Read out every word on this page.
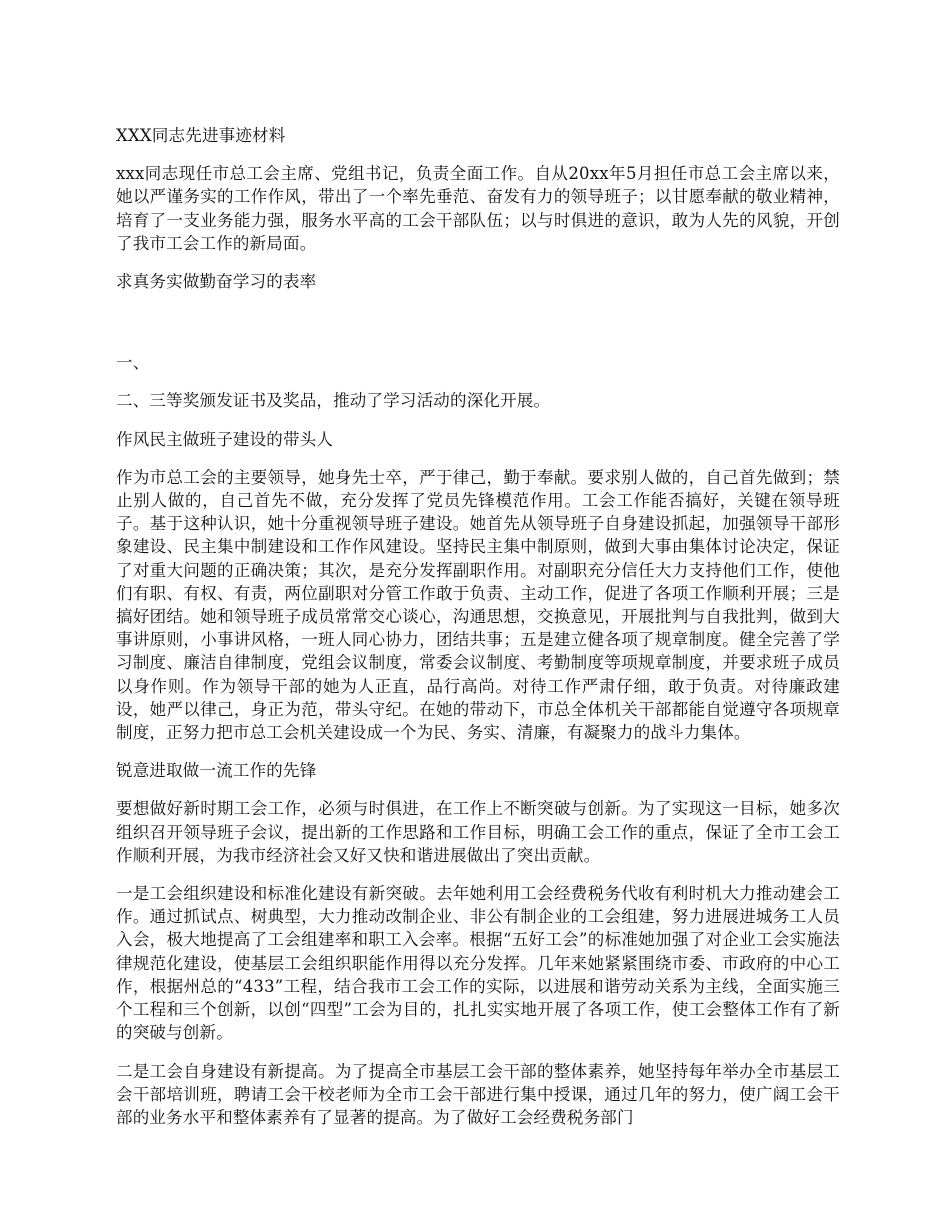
XXX同志先进事迹材料

xxx同志现任市总工会主席、党组书记，负责全面工作。自从20xx年5月担任市总工会主席以来，她以严谨务实的工作作风，带出了一个率先垂范、奋发有力的领导班子；以甘愿奉献的敬业精神，培育了一支业务能力强，服务水平高的工会干部队伍；以与时俱进的意识，敢为人先的风貌，开创了我市工会工作的新局面。

求真务实做勤奋学习的表率

一、

二、三等奖颁发证书及奖品，推动了学习活动的深化开展。

作风民主做班子建设的带头人

作为市总工会的主要领导，她身先士卒，严于律己，勤于奉献。要求别人做的，自己首先做到；禁止别人做的，自己首先不做，充分发挥了党员先锋模范作用。工会工作能否搞好，关键在领导班子。基于这种认识，她十分重视领导班子建设。她首先从领导班子自身建设抓起，加强领导干部形象建设、民主集中制建设和工作作风建设。坚持民主集中制原则，做到大事由集体讨论决定，保证了对重大问题的正确决策；其次，是充分发挥副职作用。对副职充分信任大力支持他们工作，使他们有职、有权、有责，两位副职对分管工作敢于负责、主动工作，促进了各项工作顺利开展；三是搞好团结。她和领导班子成员常常交心谈心，沟通思想，交换意见，开展批判与自我批判，做到大事讲原则，小事讲风格，一班人同心协力，团结共事；五是建立健各项了规章制度。健全完善了学习制度、廉洁自律制度，党组会议制度，常委会议制度、考勤制度等项规章制度，并要求班子成员以身作则。作为领导干部的她为人正直，品行高尚。对待工作严肃仔细，敢于负责。对待廉政建设，她严以律己，身正为范，带头守纪。在她的带动下，市总全体机关干部都能自觉遵守各项规章制度，正努力把市总工会机关建设成一个为民、务实、清廉，有凝聚力的战斗力集体。

锐意进取做一流工作的先锋

要想做好新时期工会工作，必须与时俱进，在工作上不断突破与创新。为了实现这一目标，她多次组织召开领导班子会议，提出新的工作思路和工作目标，明确工会工作的重点，保证了全市工会工作顺利开展，为我市经济社会又好又快和谐进展做出了突出贡献。

一是工会组织建设和标准化建设有新突破。去年她利用工会经费税务代收有利时机大力推动建会工作。通过抓试点、树典型，大力推动改制企业、非公有制企业的工会组建，努力进展进城务工人员入会，极大地提高了工会组建率和职工入会率。根据“五好工会”的标准她加强了对企业工会实施法律规范化建设，使基层工会组织职能作用得以充分发挥。几年来她紧紧围绕市委、市政府的中心工作，根据州总的“433”工程，结合我市工会工作的实际，以进展和谐劳动关系为主线，全面实施三个工程和三个创新，以创“四型”工会为目的，扎扎实实地开展了各项工作，使工会整体工作有了新的突破与创新。

二是工会自身建设有新提高。为了提高全市基层工会干部的整体素养，她坚持每年举办全市基层工会干部培训班，聘请工会干校老师为全市工会干部进行集中授课，通过几年的努力，使广阔工会干部的业务水平和整体素养有了显著的提高。为了做好工会经费税务部门
